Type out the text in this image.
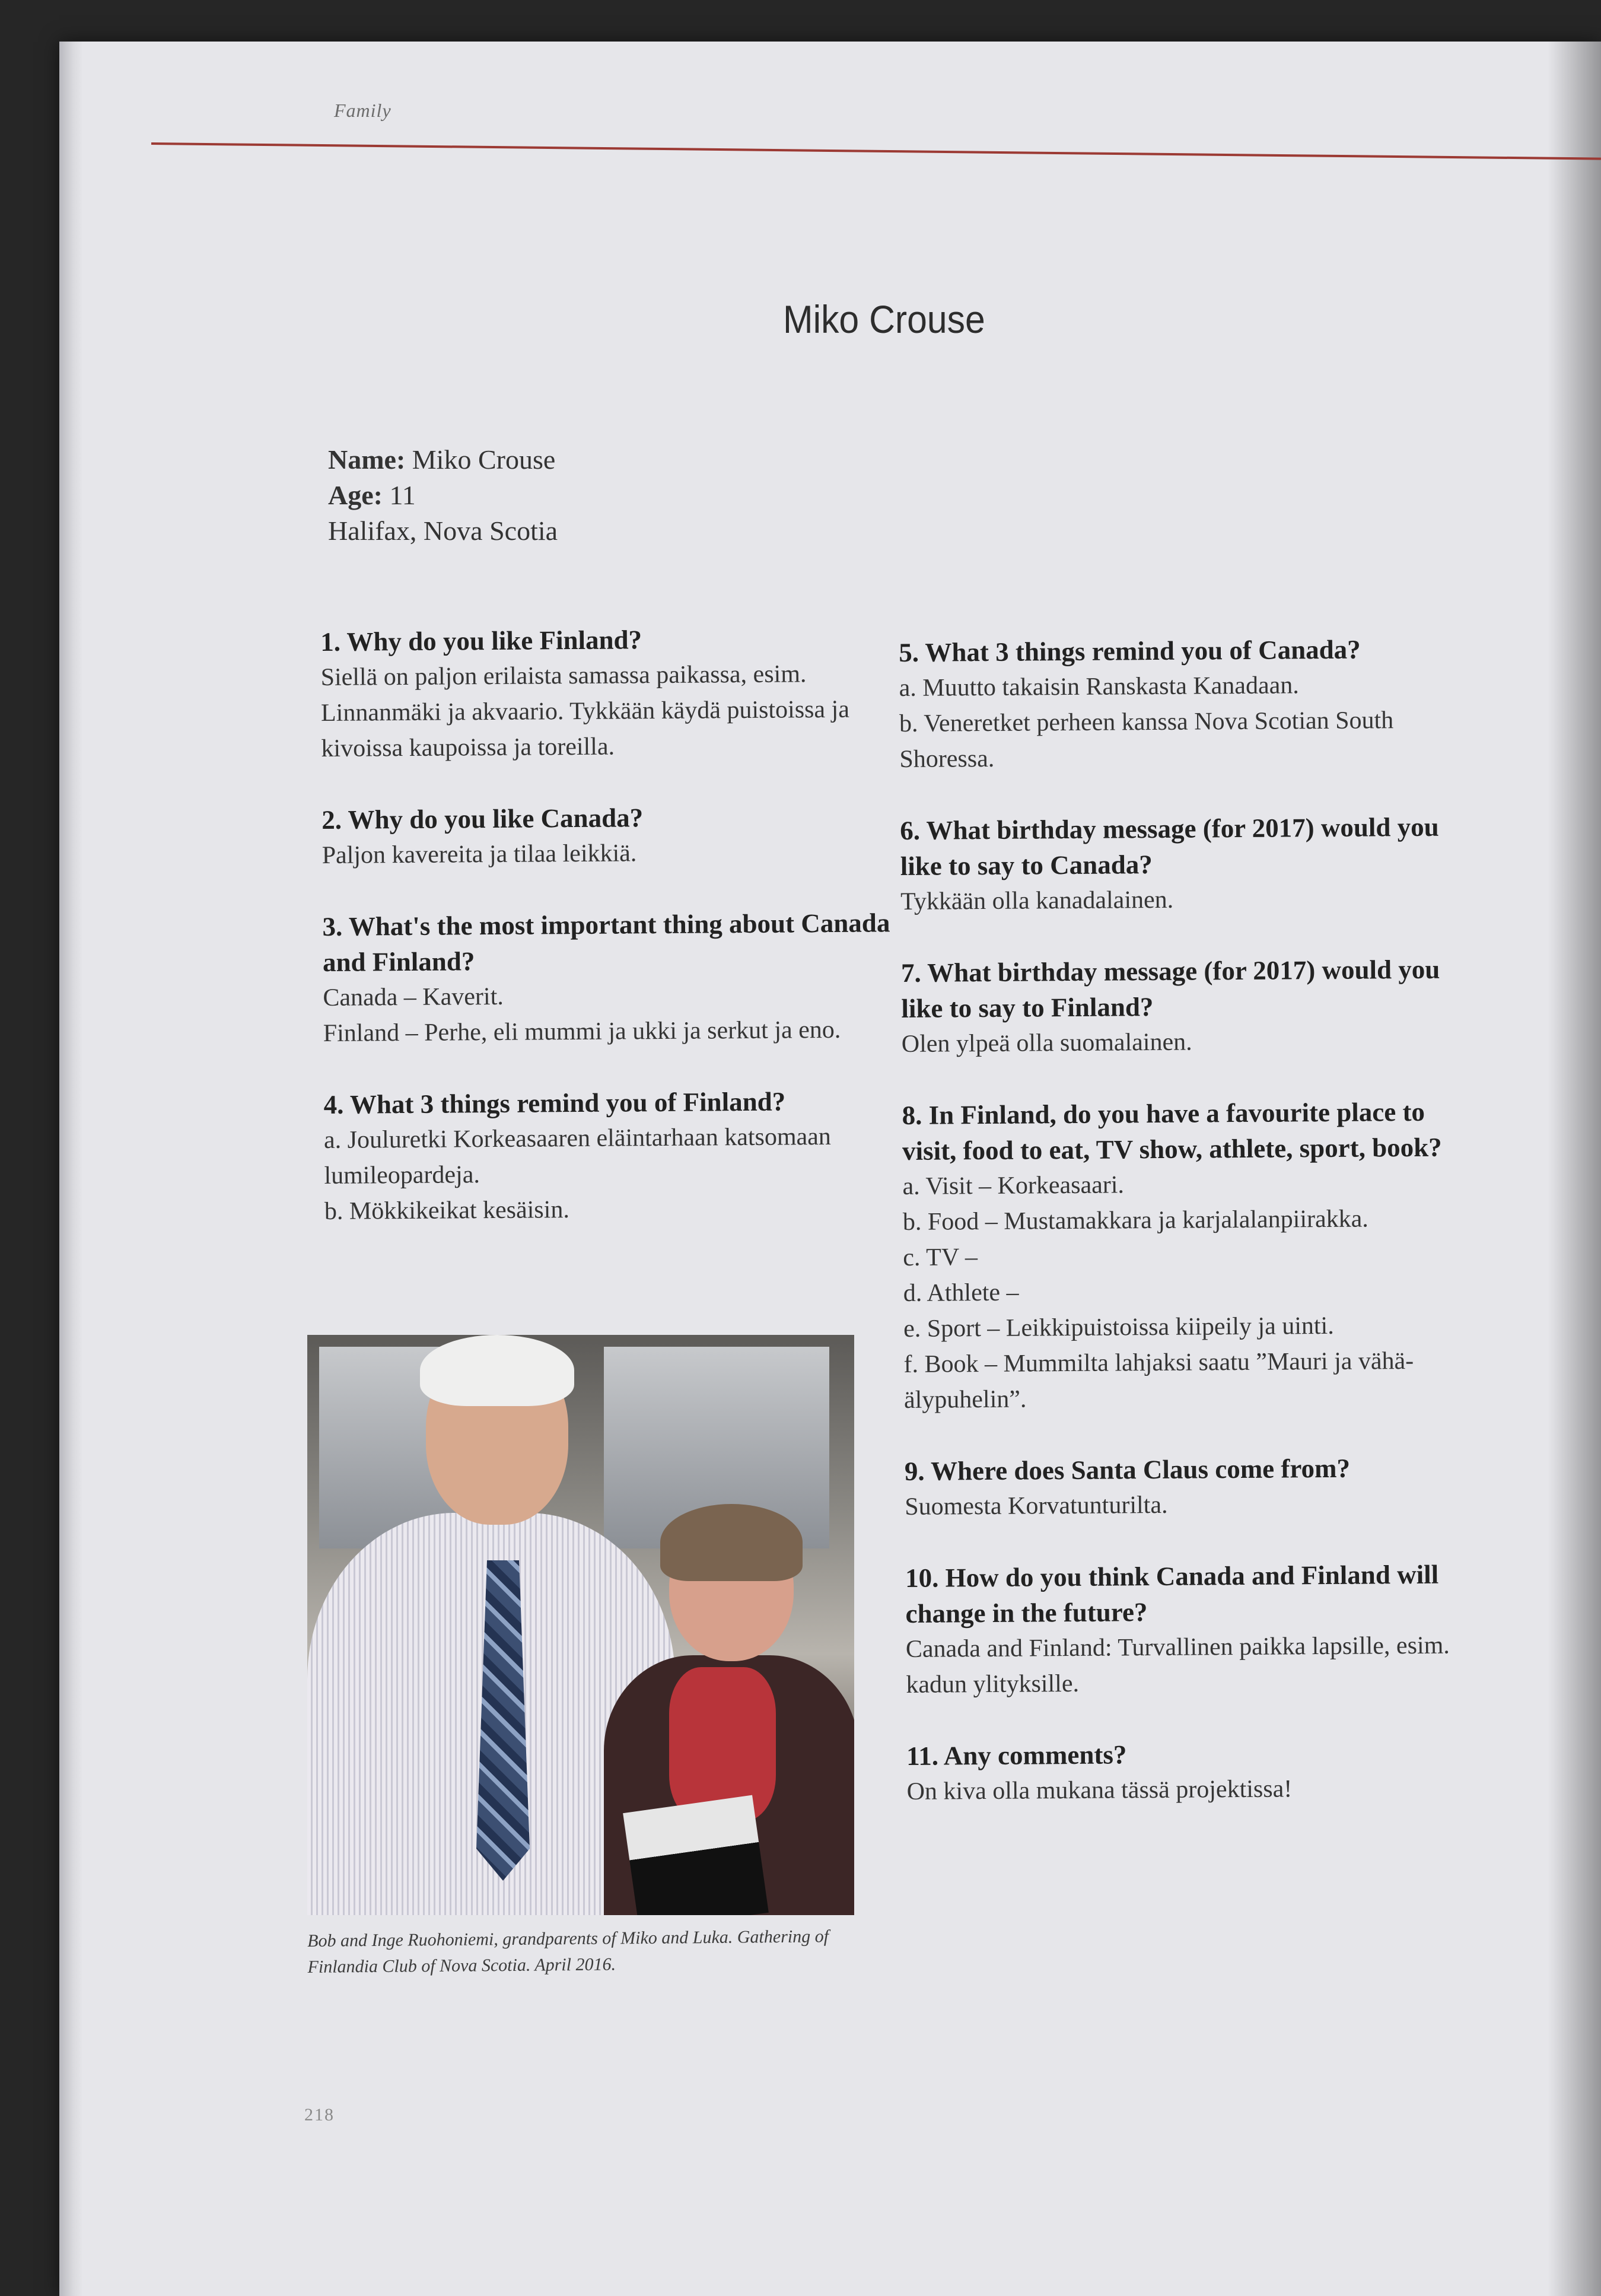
Family
Miko Crouse
Name: Miko Crouse
Age: 11
Halifax, Nova Scotia
1. Why do you like Finland?
Siellä on paljon erilaista samassa paikassa, esim. Linnanmäki ja akvaario. Tykkään käydä puistoissa ja kivoissa kaupoissa ja toreilla.
2. Why do you like Canada?
Paljon kavereita ja tilaa leikkiä.
3. What's the most important thing about Canada and Finland?
Canada – Kaverit.
Finland – Perhe, eli mummi ja ukki ja serkut ja eno.
4. What 3 things remind you of Finland?
a. Jouluretki Korkeasaaren eläintarhaan katsomaan lumileopardeja.
b. Mökkikeikat kesäisin.
5. What 3 things remind you of Canada?
a. Muutto takaisin Ranskasta Kanadaan.
b. Veneretket perheen kanssa Nova Scotian South Shoressa.
6. What birthday message (for 2017) would you like to say to Canada?
Tykkään olla kanadalainen.
7. What birthday message (for 2017) would you like to say to Finland?
Olen ylpeä olla suomalainen.
8. In Finland, do you have a favourite place to visit, food to eat, TV show, athlete, sport, book?
a. Visit – Korkeasaari.
b. Food – Mustamakkara ja karjalalanpiirakka.
c. TV –
d. Athlete –
e. Sport – Leikkipuistoissa kiipeily ja uinti.
f. Book – Mummilta lahjaksi saatu ”Mauri ja vähä-älypuhelin”.
9. Where does Santa Claus come from?
Suomesta Korvatunturilta.
10. How do you think Canada and Finland will change in the future?
Canada and Finland: Turvallinen paikka lapsille, esim. kadun ylityksille.
11. Any comments?
On kiva olla mukana tässä projektissa!
Bob and Inge Ruohoniemi, grandparents of Miko and Luka. Gathering of Finlandia Club of Nova Scotia. April 2016.
218
